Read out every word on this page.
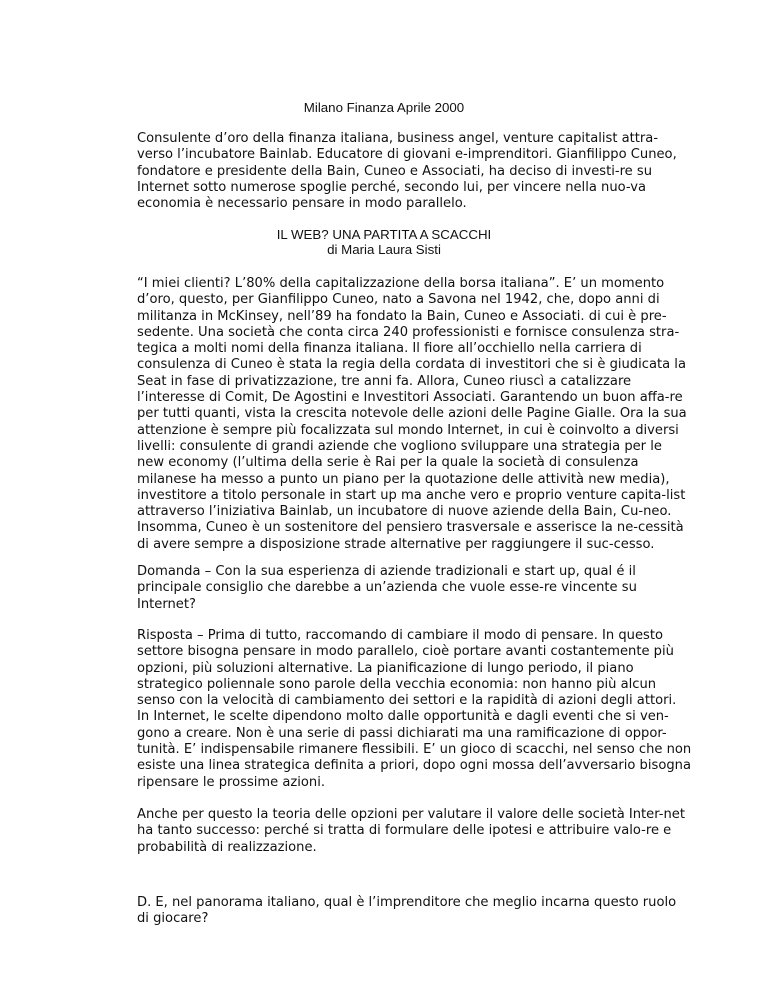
Milano Finanza Aprile 2000
Consulente d’oro della finanza italiana, business angel, venture capitalist attra-
verso l’incubatore Bainlab. Educatore di giovani e-imprenditori. Gianfilippo Cuneo,
fondatore e presidente della Bain, Cuneo e Associati, ha deciso di investi-re su
Internet sotto numerose spoglie perché, secondo lui, per vincere nella nuo-va
economia è necessario pensare in modo parallelo.
IL WEB? UNA PARTITA A SCACCHI
di Maria Laura Sisti
“I miei clienti? L’80% della capitalizzazione della borsa italiana”. E’ un momento
d’oro, questo, per Gianfilippo Cuneo, nato a Savona nel 1942, che, dopo anni di
militanza in McKinsey, nell’89 ha fondato la Bain, Cuneo e Associati. di cui è pre-
sedente. Una società che conta circa 240 professionisti e fornisce consulenza stra-
tegica a molti nomi della finanza italiana. Il fiore all’occhiello nella carriera di
consulenza di Cuneo è stata la regia della cordata di investitori che si è giudicata la
Seat in fase di privatizzazione, tre anni fa. Allora, Cuneo riuscì a catalizzare
l’interesse di Comit, De Agostini e Investitori Associati. Garantendo un buon affa-re
per tutti quanti, vista la crescita notevole delle azioni delle Pagine Gialle. Ora la sua
attenzione è sempre più focalizzata sul mondo Internet, in cui è coinvolto a diversi
livelli: consulente di grandi aziende che vogliono sviluppare una strategia per le
new economy (l’ultima della serie è Rai per la quale la società di consulenza
milanese ha messo a punto un piano per la quotazione delle attività new media),
investitore a titolo personale in start up ma anche vero e proprio venture capita-list
attraverso l’iniziativa Bainlab, un incubatore di nuove aziende della Bain, Cu-neo.
Insomma, Cuneo è un sostenitore del pensiero trasversale e asserisce la ne-cessità
di avere sempre a disposizione strade alternative per raggiungere il suc-cesso.
Domanda – Con la sua esperienza di aziende tradizionali e start up, qual é il
principale consiglio che darebbe a un’azienda che vuole esse-re vincente su
Internet?
Risposta – Prima di tutto, raccomando di cambiare il modo di pensare. In questo
settore bisogna pensare in modo parallelo, cioè portare avanti costantemente più
opzioni, più soluzioni alternative. La pianificazione di lungo periodo, il piano
strategico poliennale sono parole della vecchia economia: non hanno più alcun
senso con la velocità di cambiamento dei settori e la rapidità di azioni degli attori.
In Internet, le scelte dipendono molto dalle opportunità e dagli eventi che si ven-
gono a creare. Non è una serie di passi dichiarati ma una ramificazione di oppor-
tunità. E’ indispensabile rimanere flessibili. E’ un gioco di scacchi, nel senso che non
esiste una linea strategica definita a priori, dopo ogni mossa dell’avversario bisogna
ripensare le prossime azioni.
Anche per questo la teoria delle opzioni per valutare il valore delle società Inter-net
ha tanto successo: perché si tratta di formulare delle ipotesi e attribuire valo-re e
probabilità di realizzazione.
D. E, nel panorama italiano, qual è l’imprenditore che meglio incarna questo ruolo
di giocare?
